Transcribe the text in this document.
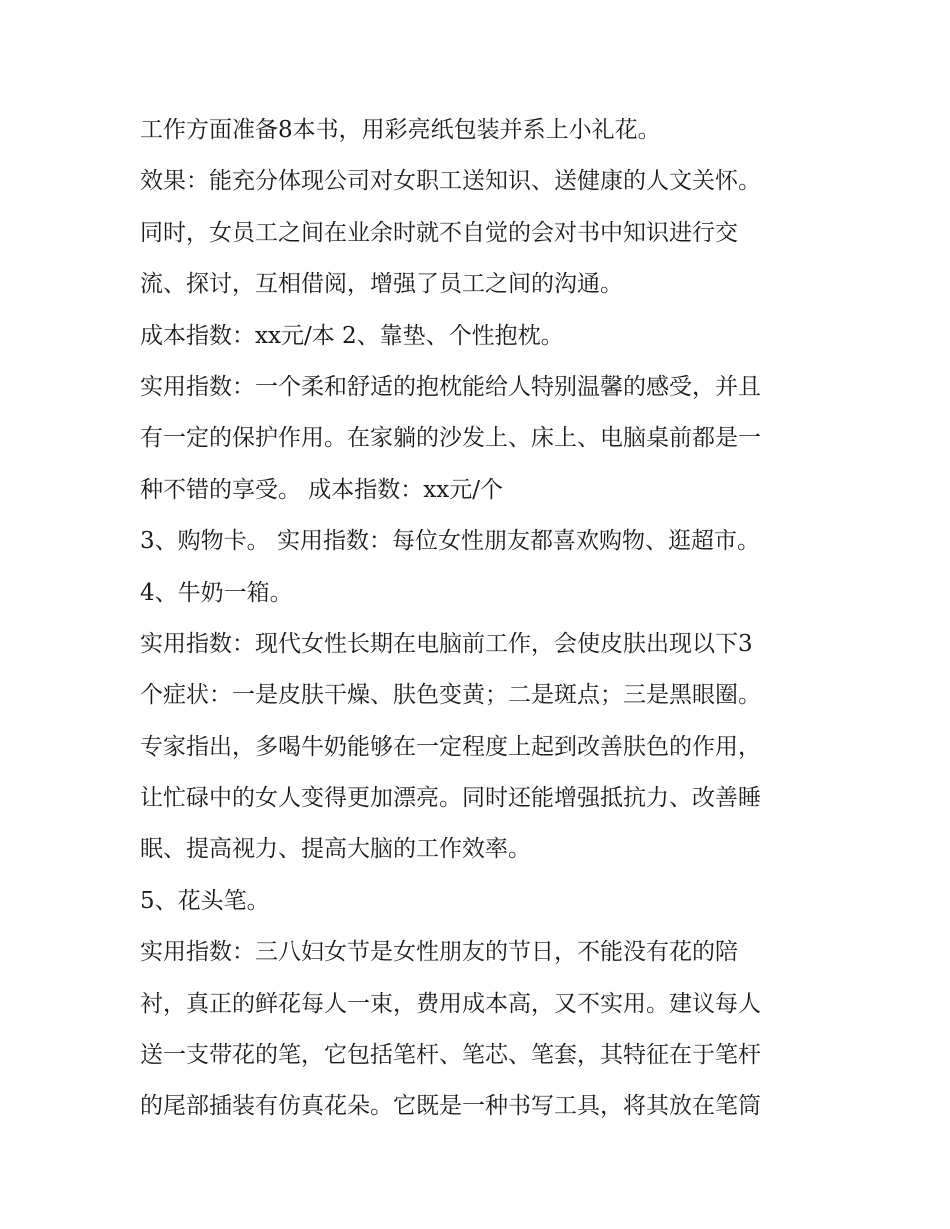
工作方面准备8本书，用彩亮纸包装并系上小礼花。
效果：能充分体现公司对女职工送知识、送健康的人文关怀。
同时，女员工之间在业余时就不自觉的会对书中知识进行交
流、探讨，互相借阅，增强了员工之间的沟通。
成本指数：xx元/本 2、靠垫、个性抱枕。
实用指数：一个柔和舒适的抱枕能给人特别温馨的感受，并且
有一定的保护作用。在家躺的沙发上、床上、电脑桌前都是一
种不错的享受。 成本指数：xx元/个
3、购物卡。 实用指数：每位女性朋友都喜欢购物、逛超市。
4、牛奶一箱。
实用指数：现代女性长期在电脑前工作，会使皮肤出现以下3
个症状：一是皮肤干燥、肤色变黄；二是斑点；三是黑眼圈。
专家指出，多喝牛奶能够在一定程度上起到改善肤色的作用，
让忙碌中的女人变得更加漂亮。同时还能增强抵抗力、改善睡
眠、提高视力、提高大脑的工作效率。
5、花头笔。
实用指数：三八妇女节是女性朋友的节日，不能没有花的陪
衬，真正的鲜花每人一束，费用成本高，又不实用。建议每人
送一支带花的笔，它包括笔杆、笔芯、笔套，其特征在于笔杆
的尾部插装有仿真花朵。它既是一种书写工具，将其放在笔筒
